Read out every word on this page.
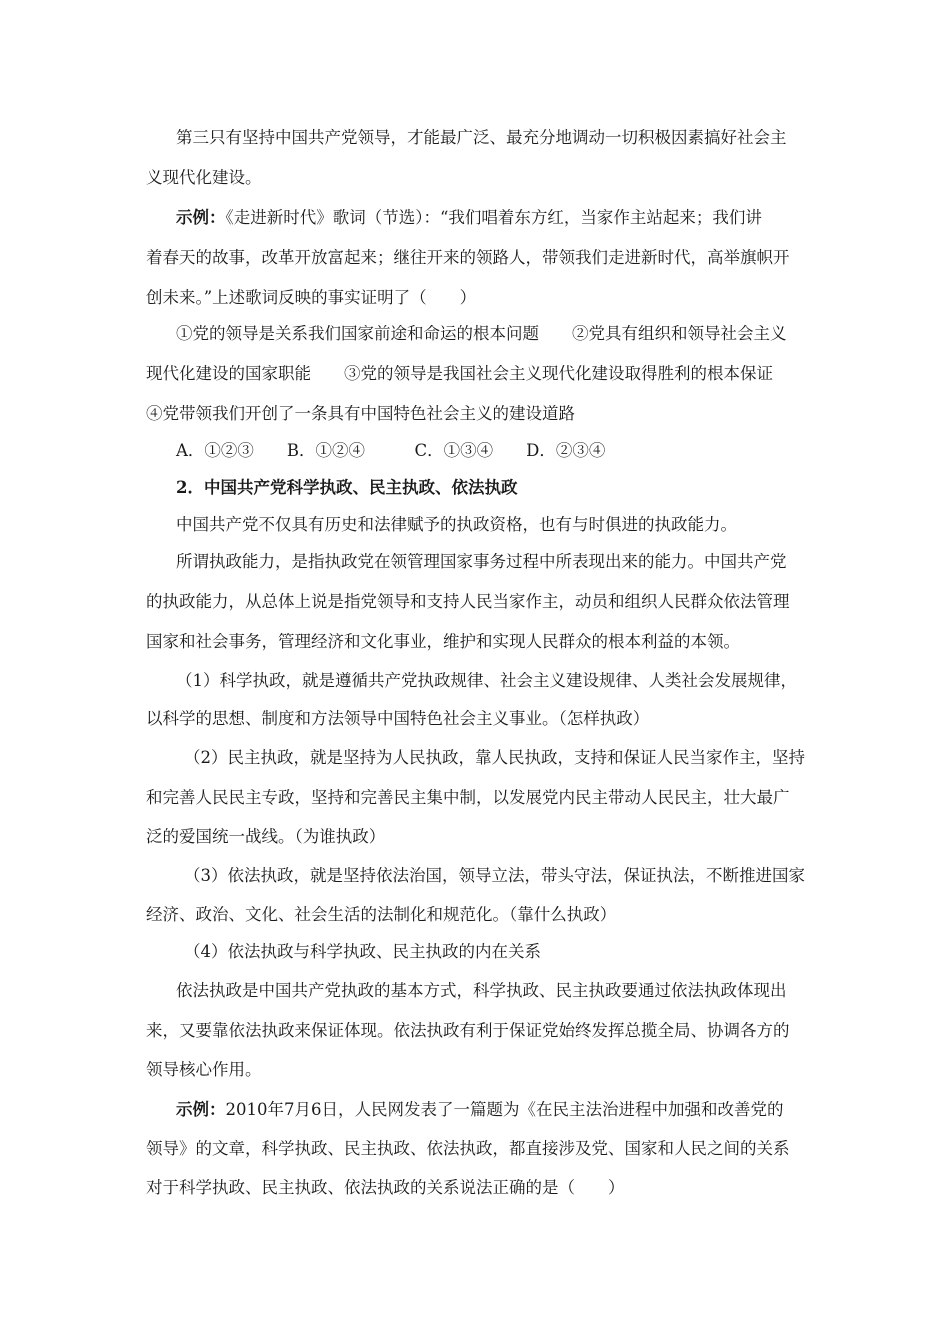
第三只有坚持中国共产党领导，才能最广泛、最充分地调动一切积极因素搞好社会主
义现代化建设。
示例：《走进新时代》歌词（节选）：“我们唱着东方红，当家作主站起来；我们讲
着春天的故事，改革开放富起来；继往开来的领路人，带领我们走进新时代，高举旗帜开
创未来。”上述歌词反映的事实证明了（　　）
①党的领导是关系我们国家前途和命运的根本问题　　②党具有组织和领导社会主义
现代化建设的国家职能　　③党的领导是我国社会主义现代化建设取得胜利的根本保证
④党带领我们开创了一条具有中国特色社会主义的建设道路
A．①②③　　B．①②④　　　C．①③④　　D．②③④
2．中国共产党科学执政、民主执政、依法执政
中国共产党不仅具有历史和法律赋予的执政资格，也有与时俱进的执政能力。
所谓执政能力，是指执政党在领管理国家事务过程中所表现出来的能力。中国共产党
的执政能力，从总体上说是指党领导和支持人民当家作主，动员和组织人民群众依法管理
国家和社会事务，管理经济和文化事业，维护和实现人民群众的根本利益的本领。
（1）科学执政，就是遵循共产党执政规律、社会主义建设规律、人类社会发展规律，
以科学的思想、制度和方法领导中国特色社会主义事业。（怎样执政）
（2）民主执政，就是坚持为人民执政，靠人民执政，支持和保证人民当家作主，坚持
和完善人民民主专政，坚持和完善民主集中制，以发展党内民主带动人民民主，壮大最广
泛的爱国统一战线。（为谁执政）
（3）依法执政，就是坚持依法治国，领导立法，带头守法，保证执法，不断推进国家
经济、政治、文化、社会生活的法制化和规范化。（靠什么执政）
（4）依法执政与科学执政、民主执政的内在关系
依法执政是中国共产党执政的基本方式，科学执政、民主执政要通过依法执政体现出
来，又要靠依法执政来保证体现。依法执政有利于保证党始终发挥总揽全局、协调各方的
领导核心作用。
示例：2010年7月6日，人民网发表了一篇题为《在民主法治进程中加强和改善党的
领导》的文章，科学执政、民主执政、依法执政，都直接涉及党、国家和人民之间的关系
对于科学执政、民主执政、依法执政的关系说法正确的是（　　）
